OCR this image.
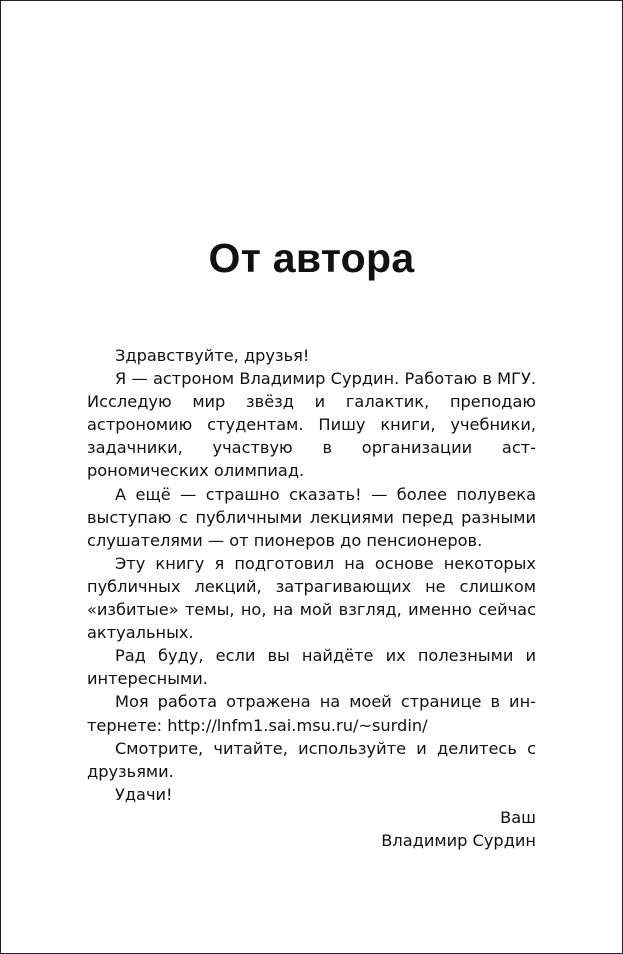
От автора

Здравствуйте, друзья!

Я — астроном Владимир Сурдин. Работаю в МГУ. Исследую мир звёзд и галактик, преподаю астрономию студентам. Пишу книги, учебники, задачники, участвую в организации астрономических олимпиад.

А ещё — страшно сказать! — более полувека выступаю с публичными лекциями перед разными слушателями — от пионеров до пенсионеров.

Эту книгу я подготовил на основе некоторых публичных лекций, затрагивающих не слишком «избитые» темы, но, на мой взгляд, именно сейчас актуальных.

Рад буду, если вы найдёте их полезными и интересными.

Моя работа отражена на моей странице в интернете: http://lnfm1.sai.msu.ru/~surdin/

Смотрите, читайте, используйте и делитесь с друзьями.

Удачи!

Ваш
Владимир Сурдин
